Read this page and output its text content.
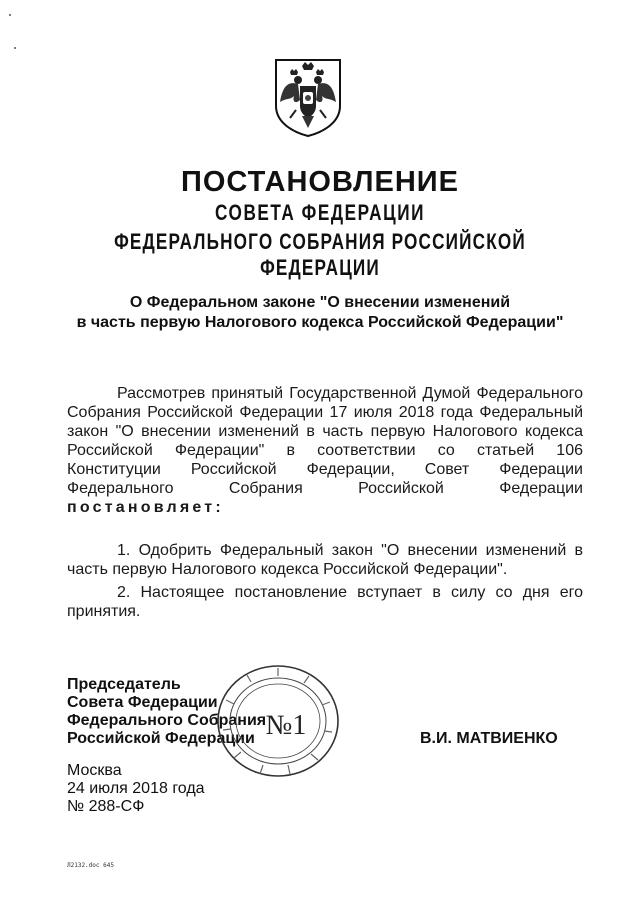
ПОСТАНОВЛЕНИЕ
СОВЕТА ФЕДЕРАЦИИ
ФЕДЕРАЛЬНОГО СОБРАНИЯ РОССИЙСКОЙ ФЕДЕРАЦИИ
О Федеральном законе "О внесении изменений
в часть первую Налогового кодекса Российской Федерации"
Рассмотрев принятый Государственной Думой Федерального
Собрания Российской Федерации 17 июля 2018 года Федеральный
закон "О внесении изменений в часть первую Налогового кодекса
Российской Федерации" в соответствии со статьей 106
Конституции Российской Федерации, Совет Федерации
Федерального Собрания Российской Федерации
постановляет:
1. Одобрить Федеральный закон "О внесении изменений в
часть первую Налогового кодекса Российской Федерации".
2. Настоящее постановление вступает в силу со дня его
принятия.
Председатель
Совета Федерации
Федерального Собрания
Российской Федерации №1	В.И. МАТВИЕНКО
Москва
24 июля 2018 года
№ 288-СФ
Л2132.doc 645
